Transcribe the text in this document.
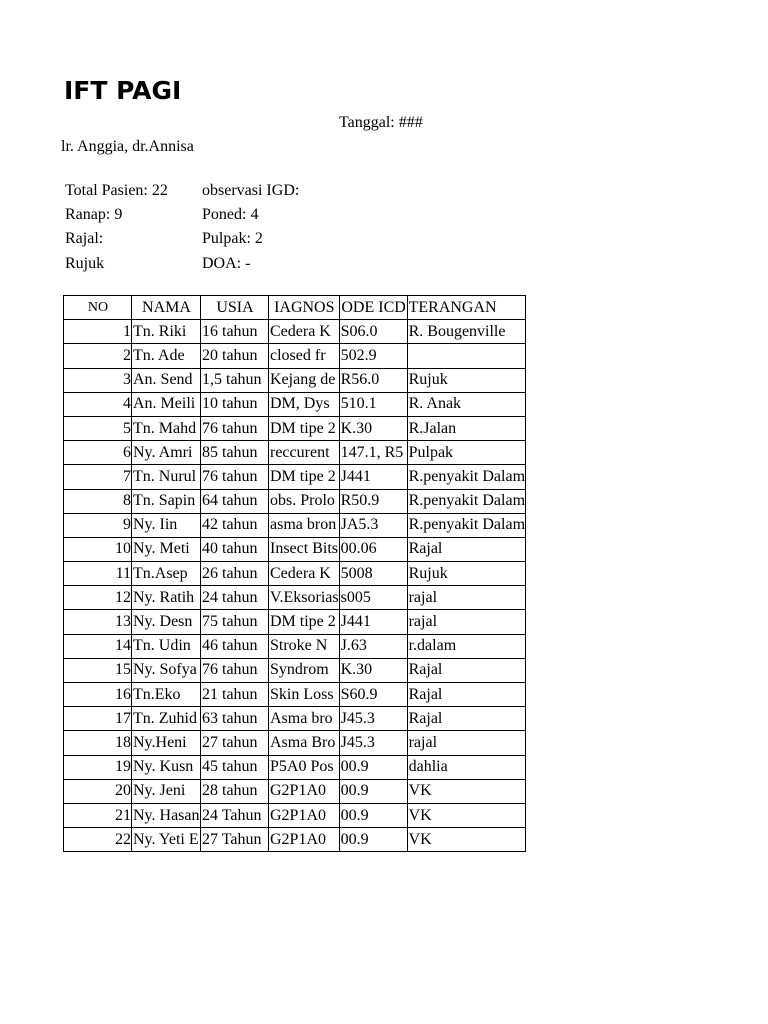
IFT PAGI
Tanggal: ###
lr. Anggia, dr.Annisa
Total Pasien: 22
Ranap: 9
Rajal:
Rujuk
observasi IGD:
Poned: 4
Pulpak: 2
DOA: -
NO	NAMA	USIA	IAGNOS	ODE ICD	TERANGAN

1	Tn. Riki	16 tahun	Cedera K	S06.0	R. Bougenville
2	Tn. Ade	20 tahun	closed fr	502.9	

3	An. Send	1,5 tahun	Kejang de	R56.0	Rujuk
4	An. Meili	10 tahun	DM, Dys	510.1	R. Anak
5	Tn. Mahd	76 tahun	DM tipe 2	K.30	R.Jalan
6	Ny. Amri	85 tahun	reccurent	147.1, R5	Pulpak
7	Tn. Nurul	76 tahun	DM tipe 2	J441	R.penyakit Dalam
8	Tn. Sapin	64 tahun	obs. Prolo	R50.9	R.penyakit Dalam
9	Ny. Iin	42 tahun	asma bron	JA5.3	R.penyakit Dalam
10	Ny. Meti	40 tahun	Insect Bits	00.06	Rajal
11	Tn.Asep	26 tahun	Cedera K	5008	Rujuk
12	Ny. Ratih	24 tahun	V.Eksorias	s005	rajal
13	Ny. Desn	75 tahun	DM tipe 2	J441	rajal
14	Tn. Udin	46 tahun	Stroke N	J.63	r.dalam
15	Ny. Sofya	76 tahun	Syndrom	K.30	Rajal
16	Tn.Eko	21 tahun	Skin Loss	S60.9	Rajal
17	Tn. Zuhid	63 tahun	Asma bro	J45.3	Rajal
18	Ny.Heni	27 tahun	Asma Bro	J45.3	rajal
19	Ny. Kusn	45 tahun	P5A0 Pos	00.9	dahlia
20	Ny. Jeni	28 tahun	G2P1A0	00.9	VK
21	Ny. Hasan	24 Tahun	G2P1A0	00.9	VK
22	Ny. Yeti E	27 Tahun	G2P1A0	00.9	VK
